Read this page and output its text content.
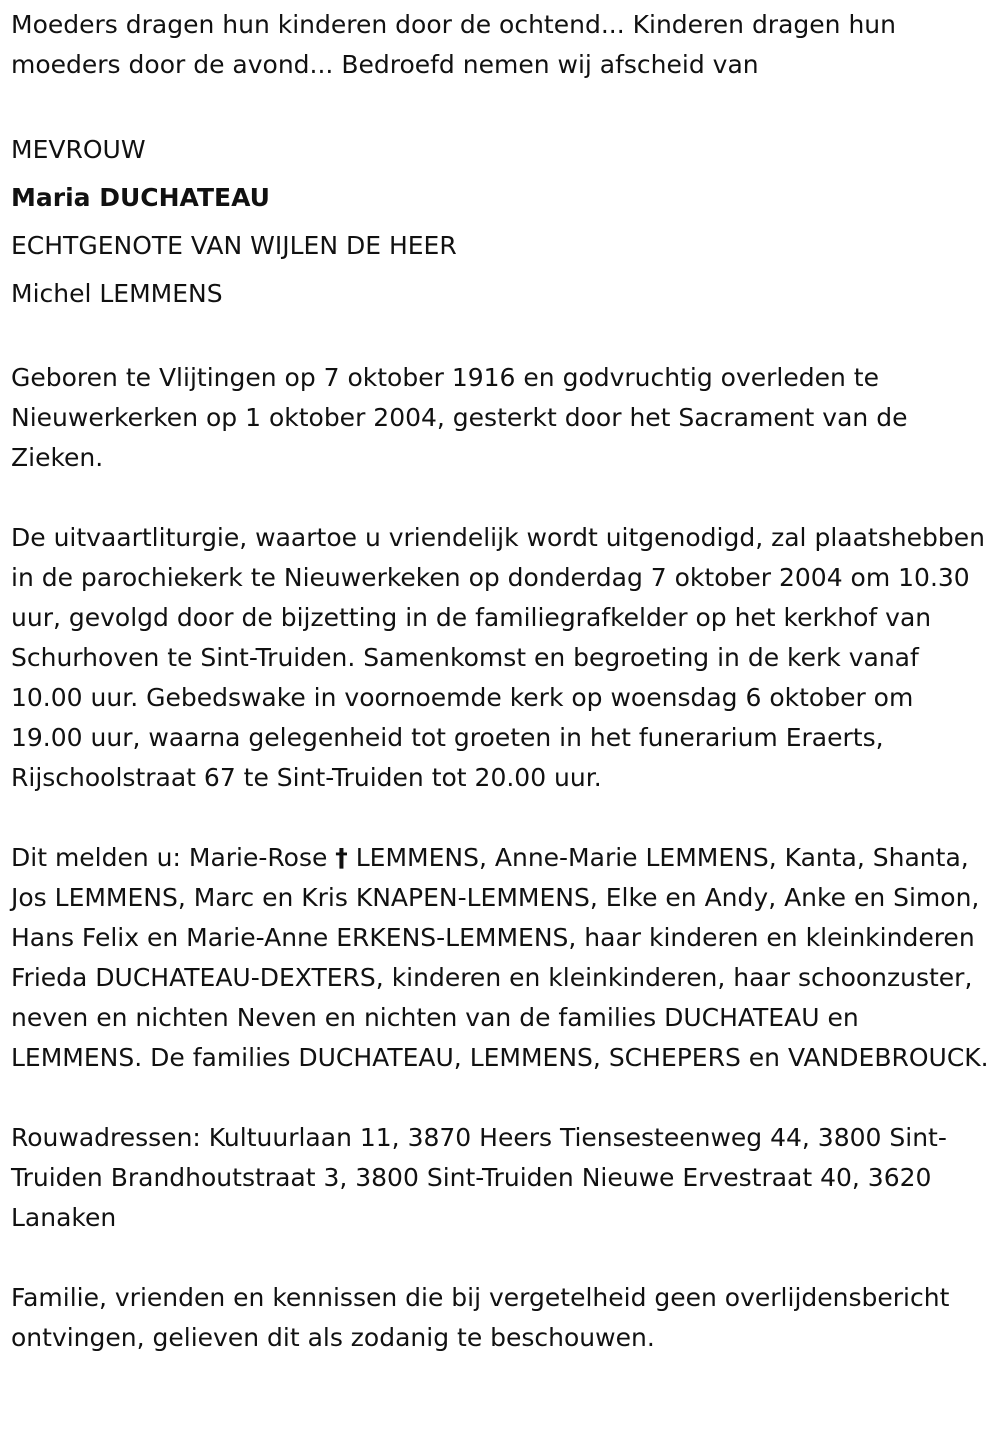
Moeders dragen hun kinderen door de ochtend... Kinderen dragen hun moeders door de avond... Bedroefd nemen wij afscheid van

MEVROUW

Maria DUCHATEAU

ECHTGENOTE VAN WIJLEN DE HEER

Michel LEMMENS

Geboren te Vlijtingen op 7 oktober 1916 en godvruchtig overleden te Nieuwerkerken op 1 oktober 2004, gesterkt door het Sacrament van de Zieken.

De uitvaartliturgie, waartoe u vriendelijk wordt uitgenodigd, zal plaatshebben in de parochiekerk te Nieuwerkeken op donderdag 7 oktober 2004 om 10.30 uur, gevolgd door de bijzetting in de familiegrafkelder op het kerkhof van Schurhoven te Sint-Truiden. Samenkomst en begroeting in de kerk vanaf 10.00 uur. Gebedswake in voornoemde kerk op woensdag 6 oktober om 19.00 uur, waarna gelegenheid tot groeten in het funerarium Eraerts, Rijschoolstraat 67 te Sint-Truiden tot 20.00 uur.

Dit melden u: Marie-Rose † LEMMENS, Anne-Marie LEMMENS, Kanta, Shanta, Jos LEMMENS, Marc en Kris KNAPEN-LEMMENS, Elke en Andy, Anke en Simon, Hans Felix en Marie-Anne ERKENS-LEMMENS, haar kinderen en kleinkinderen Frieda DUCHATEAU-DEXTERS, kinderen en kleinkinderen, haar schoonzuster, neven en nichten Neven en nichten van de families DUCHATEAU en LEMMENS. De families DUCHATEAU, LEMMENS, SCHEPERS en VANDEBROUCK.

Rouwadressen: Kultuurlaan 11, 3870 Heers Tiensesteenweg 44, 3800 Sint-Truiden Brandhoutstraat 3, 3800 Sint-Truiden Nieuwe Ervestraat 40, 3620 Lanaken

Familie, vrienden en kennissen die bij vergetelheid geen overlijdensbericht ontvingen, gelieven dit als zodanig te beschouwen.
